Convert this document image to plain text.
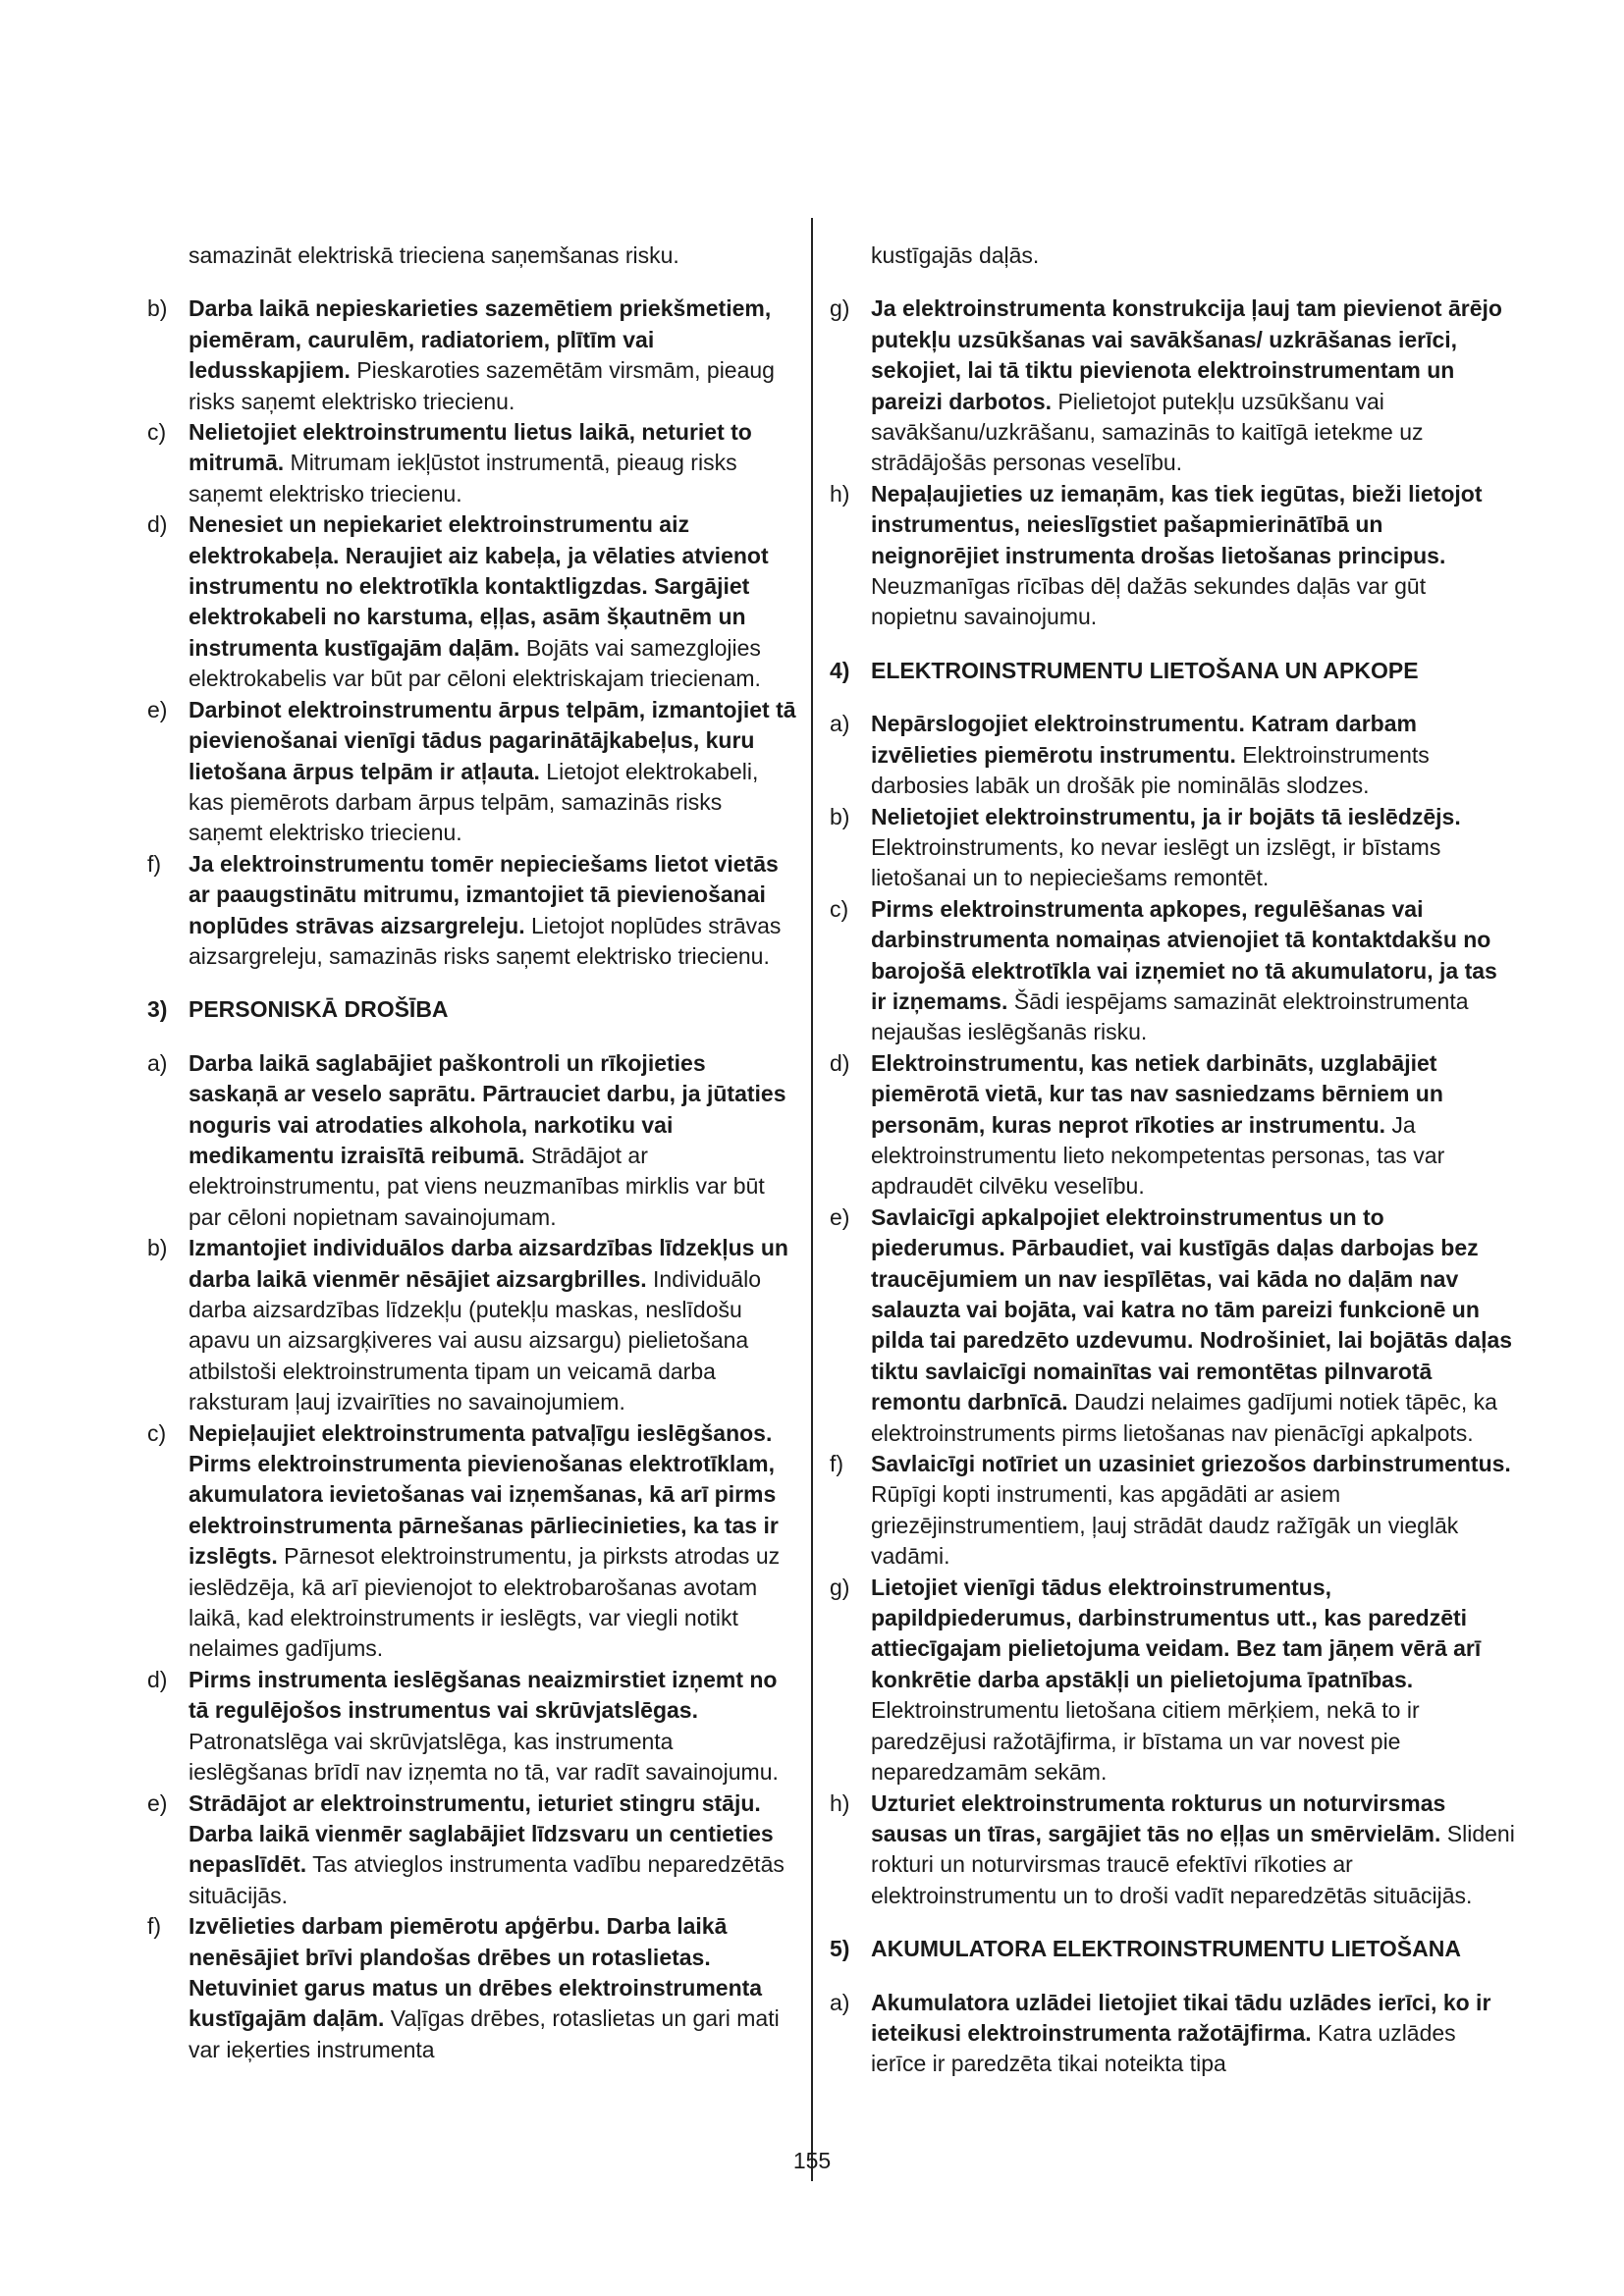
samazināt elektriskā trieciena saņemšanas risku.

b) Darba laikā nepieskarieties sazemētiem priekšmetiem, piemēram, caurulēm, radiatoriem, plītīm vai ledusskapjiem. Pieskaroties sazemētām virsmām, pieaug risks saņemt elektrisko triecienu.

c) Nelietojiet elektroinstrumentu lietus laikā, neturiet to mitrumā. Mitrumam iekļūstot instrumentā, pieaug risks saņemt elektrisko triecienu.

d) Nenesiet un nepiekariet elektroinstrumentu aiz elektrokabeļa. Neraujiet aiz kabeļa, ja vēlaties atvienot instrumentu no elektrotīkla kontaktligzdas. Sargājiet elektrokabeli no karstuma, eļļas, asām šķautnēm un instrumenta kustīgajām daļām. Bojāts vai samezglojies elektrokabelis var būt par cēloni elektriskajam triecienam.

e) Darbinot elektroinstrumentu ārpus telpām, izmantojiet tā pievienošanai vienīgi tādus pagarinātājkabeļus, kuru lietošana ārpus telpām ir atļauta. Lietojot elektrokabeli, kas piemērots darbam ārpus telpām, samazinās risks saņemt elektrisko triecienu.

f) Ja elektroinstrumentu tomēr nepieciešams lietot vietās ar paaugstinātu mitrumu, izmantojiet tā pievienošanai noplūdes strāvas aizsargreleju. Lietojot noplūdes strāvas aizsargreleju, samazinās risks saņemt elektrisko triecienu.

3) PERSONISKĀ DROŠĪBA

a) Darba laikā saglabājiet paškontroli un rīkojieties saskaņā ar veselo saprātu. Pārtrauciet darbu, ja jūtaties noguris vai atrodaties alkohola, narkotiku vai medikamentu izraisītā reibumā. Strādājot ar elektroinstrumentu, pat viens neuzmanības mirklis var būt par cēloni nopietnam savainojumam.

b) Izmantojiet individuālos darba aizsardzības līdzekļus un darba laikā vienmēr nēsājiet aizsargbrilles. Individuālo darba aizsardzības līdzekļu (putekļu maskas, neslīdošu apavu un aizsargķiveres vai ausu aizsargu) pielietošana atbilstoši elektroinstrumenta tipam un veicamā darba raksturam ļauj izvairīties no savainojumiem.

c) Nepieļaujiet elektroinstrumenta patvaļīgu ieslēgšanos. Pirms elektroinstrumenta pievienošanas elektrotīklam, akumulatora ievietošanas vai izņemšanas, kā arī pirms elektroinstrumenta pārnešanas pārliecinieties, ka tas ir izslēgts. Pārnesot elektroinstrumentu, ja pirksts atrodas uz ieslēdzēja, kā arī pievienojot to elektrobarošanas avotam laikā, kad elektroinstruments ir ieslēgts, var viegli notikt nelaimes gadījums.

d) Pirms instrumenta ieslēgšanas neaizmirstiet izņemt no tā regulējošos instrumentus vai skrūvjatslēgas. Patronatslēga vai skrūvjatslēga, kas instrumenta ieslēgšanas brīdī nav izņemta no tā, var radīt savainojumu.

e) Strādājot ar elektroinstrumentu, ieturiet stingru stāju. Darba laikā vienmēr saglabājiet līdzsvaru un centieties nepaslīdēt. Tas atvieglos instrumenta vadību neparedzētās situācijās.

f) Izvēlieties darbam piemērotu apģērbu. Darba laikā nenēsājiet brīvi plandošas drēbes un rotaslietas. Netuviniet garus matus un drēbes elektroinstrumenta kustīgajām daļām. Vaļīgas drēbes, rotaslietas un gari mati var ieķerties instrumenta

kustīgajās daļās.

g) Ja elektroinstrumenta konstrukcija ļauj tam pievienot ārējo putekļu uzsūkšanas vai savākšanas/ uzkrāšanas ierīci, sekojiet, lai tā tiktu pievienota elektroinstrumentam un pareizi darbotos. Pielietojot putekļu uzsūkšanu vai savākšanu/uzkrāšanu, samazinās to kaitīgā ietekme uz strādājošās personas veselību.

h) Nepaļaujieties uz iemaņām, kas tiek iegūtas, bieži lietojot instrumentus, neieslīgstiet pašapmierinātībā un neignorējiet instrumenta drošas lietošanas principus. Neuzmanīgas rīcības dēļ dažās sekundes daļās var gūt nopietnu savainojumu.

4) ELEKTROINSTRUMENTU LIETOŠANA UN APKOPE

a) Nepārslogojiet elektroinstrumentu. Katram darbam izvēlieties piemērotu instrumentu. Elektroinstruments darbosies labāk un drošāk pie nominālās slodzes.

b) Nelietojiet elektroinstrumentu, ja ir bojāts tā ieslēdzējs. Elektroinstruments, ko nevar ieslēgt un izslēgt, ir bīstams lietošanai un to nepieciešams remontēt.

c) Pirms elektroinstrumenta apkopes, regulēšanas vai darbinstrumenta nomaiņas atvienojiet tā kontaktdakšu no barojošā elektrotīkla vai izņemiet no tā akumulatoru, ja tas ir izņemams. Šādi iespējams samazināt elektroinstrumenta nejaušas ieslēgšanās risku.

d) Elektroinstrumentu, kas netiek darbināts, uzglabājiet piemērotā vietā, kur tas nav sasniedzams bērniem un personām, kuras neprot rīkoties ar instrumentu. Ja elektroinstrumentu lieto nekompetentas personas, tas var apdraudēt cilvēku veselību.

e) Savlaicīgi apkalpojiet elektroinstrumentus un to piederumus. Pārbaudiet, vai kustīgās daļas darbojas bez traucējumiem un nav iespīlētas, vai kāda no daļām nav salauzta vai bojāta, vai katra no tām pareizi funkcionē un pilda tai paredzēto uzdevumu. Nodrošiniet, lai bojātās daļas tiktu savlaicīgi nomainītas vai remontētas pilnvarotā remontu darbnīcā. Daudzi nelaimes gadījumi notiek tāpēc, ka elektroinstruments pirms lietošanas nav pienācīgi apkalpots.

f) Savlaicīgi notīriet un uzasiniet griezošos darbinstrumentus. Rūpīgi kopti instrumenti, kas apgādāti ar asiem griezējinstrumentiem, ļauj strādāt daudz ražīgāk un vieglāk vadāmi.

g) Lietojiet vienīgi tādus elektroinstrumentus, papildpiederumus, darbinstrumentus utt., kas paredzēti attiecīgajam pielietojuma veidam. Bez tam jāņem vērā arī konkrētie darba apstākļi un pielietojuma īpatnības. Elektroinstrumentu lietošana citiem mērķiem, nekā to ir paredzējusi ražotājfirma, ir bīstama un var novest pie neparedzamām sekām.

h) Uzturiet elektroinstrumenta rokturus un noturvirsmas sausas un tīras, sargājiet tās no eļļas un smērvielām. Slideni rokturi un noturvirsmas traucē efektīvi rīkoties ar elektroinstrumentu un to droši vadīt neparedzētās situācijās.

5) AKUMULATORA ELEKTROINSTRUMENTU LIETOŠANA

a) Akumulatora uzlādei lietojiet tikai tādu uzlādes ierīci, ko ir ieteikusi elektroinstrumenta ražotājfirma. Katra uzlādes ierīce ir paredzēta tikai noteikta tipa

155
